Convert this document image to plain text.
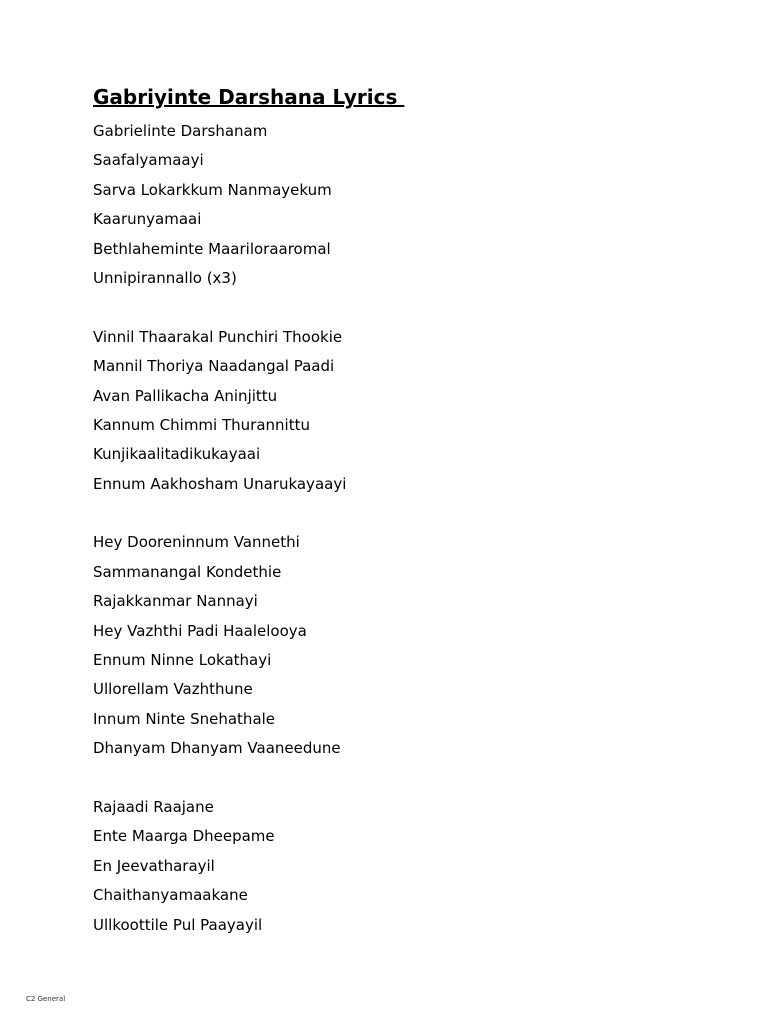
Gabriyinte Darshana Lyrics
Gabrielinte Darshanam
Saafalyamaayi
Sarva Lokarkkum Nanmayekum
Kaarunyamaai
Bethlaheminte Maariloraaromal
Unnipirannallo (x3)
Vinnil Thaarakal Punchiri Thookie
Mannil Thoriya Naadangal Paadi
Avan Pallikacha Aninjittu
Kannum Chimmi Thurannittu
Kunjikaalitadikukayaai
Ennum Aakhosham Unarukayaayi
Hey Dooreninnum Vannethi
Sammanangal Kondethie
Rajakkanmar Nannayi
Hey Vazhthi Padi Haalelooya
Ennum Ninne Lokathayi
Ullorellam Vazhthune
Innum Ninte Snehathale
Dhanyam Dhanyam Vaaneedune
Rajaadi Raajane
Ente Maarga Dheepame
En Jeevatharayil
Chaithanyamaakane
Ullkoottile Pul Paayayil
C2 General
